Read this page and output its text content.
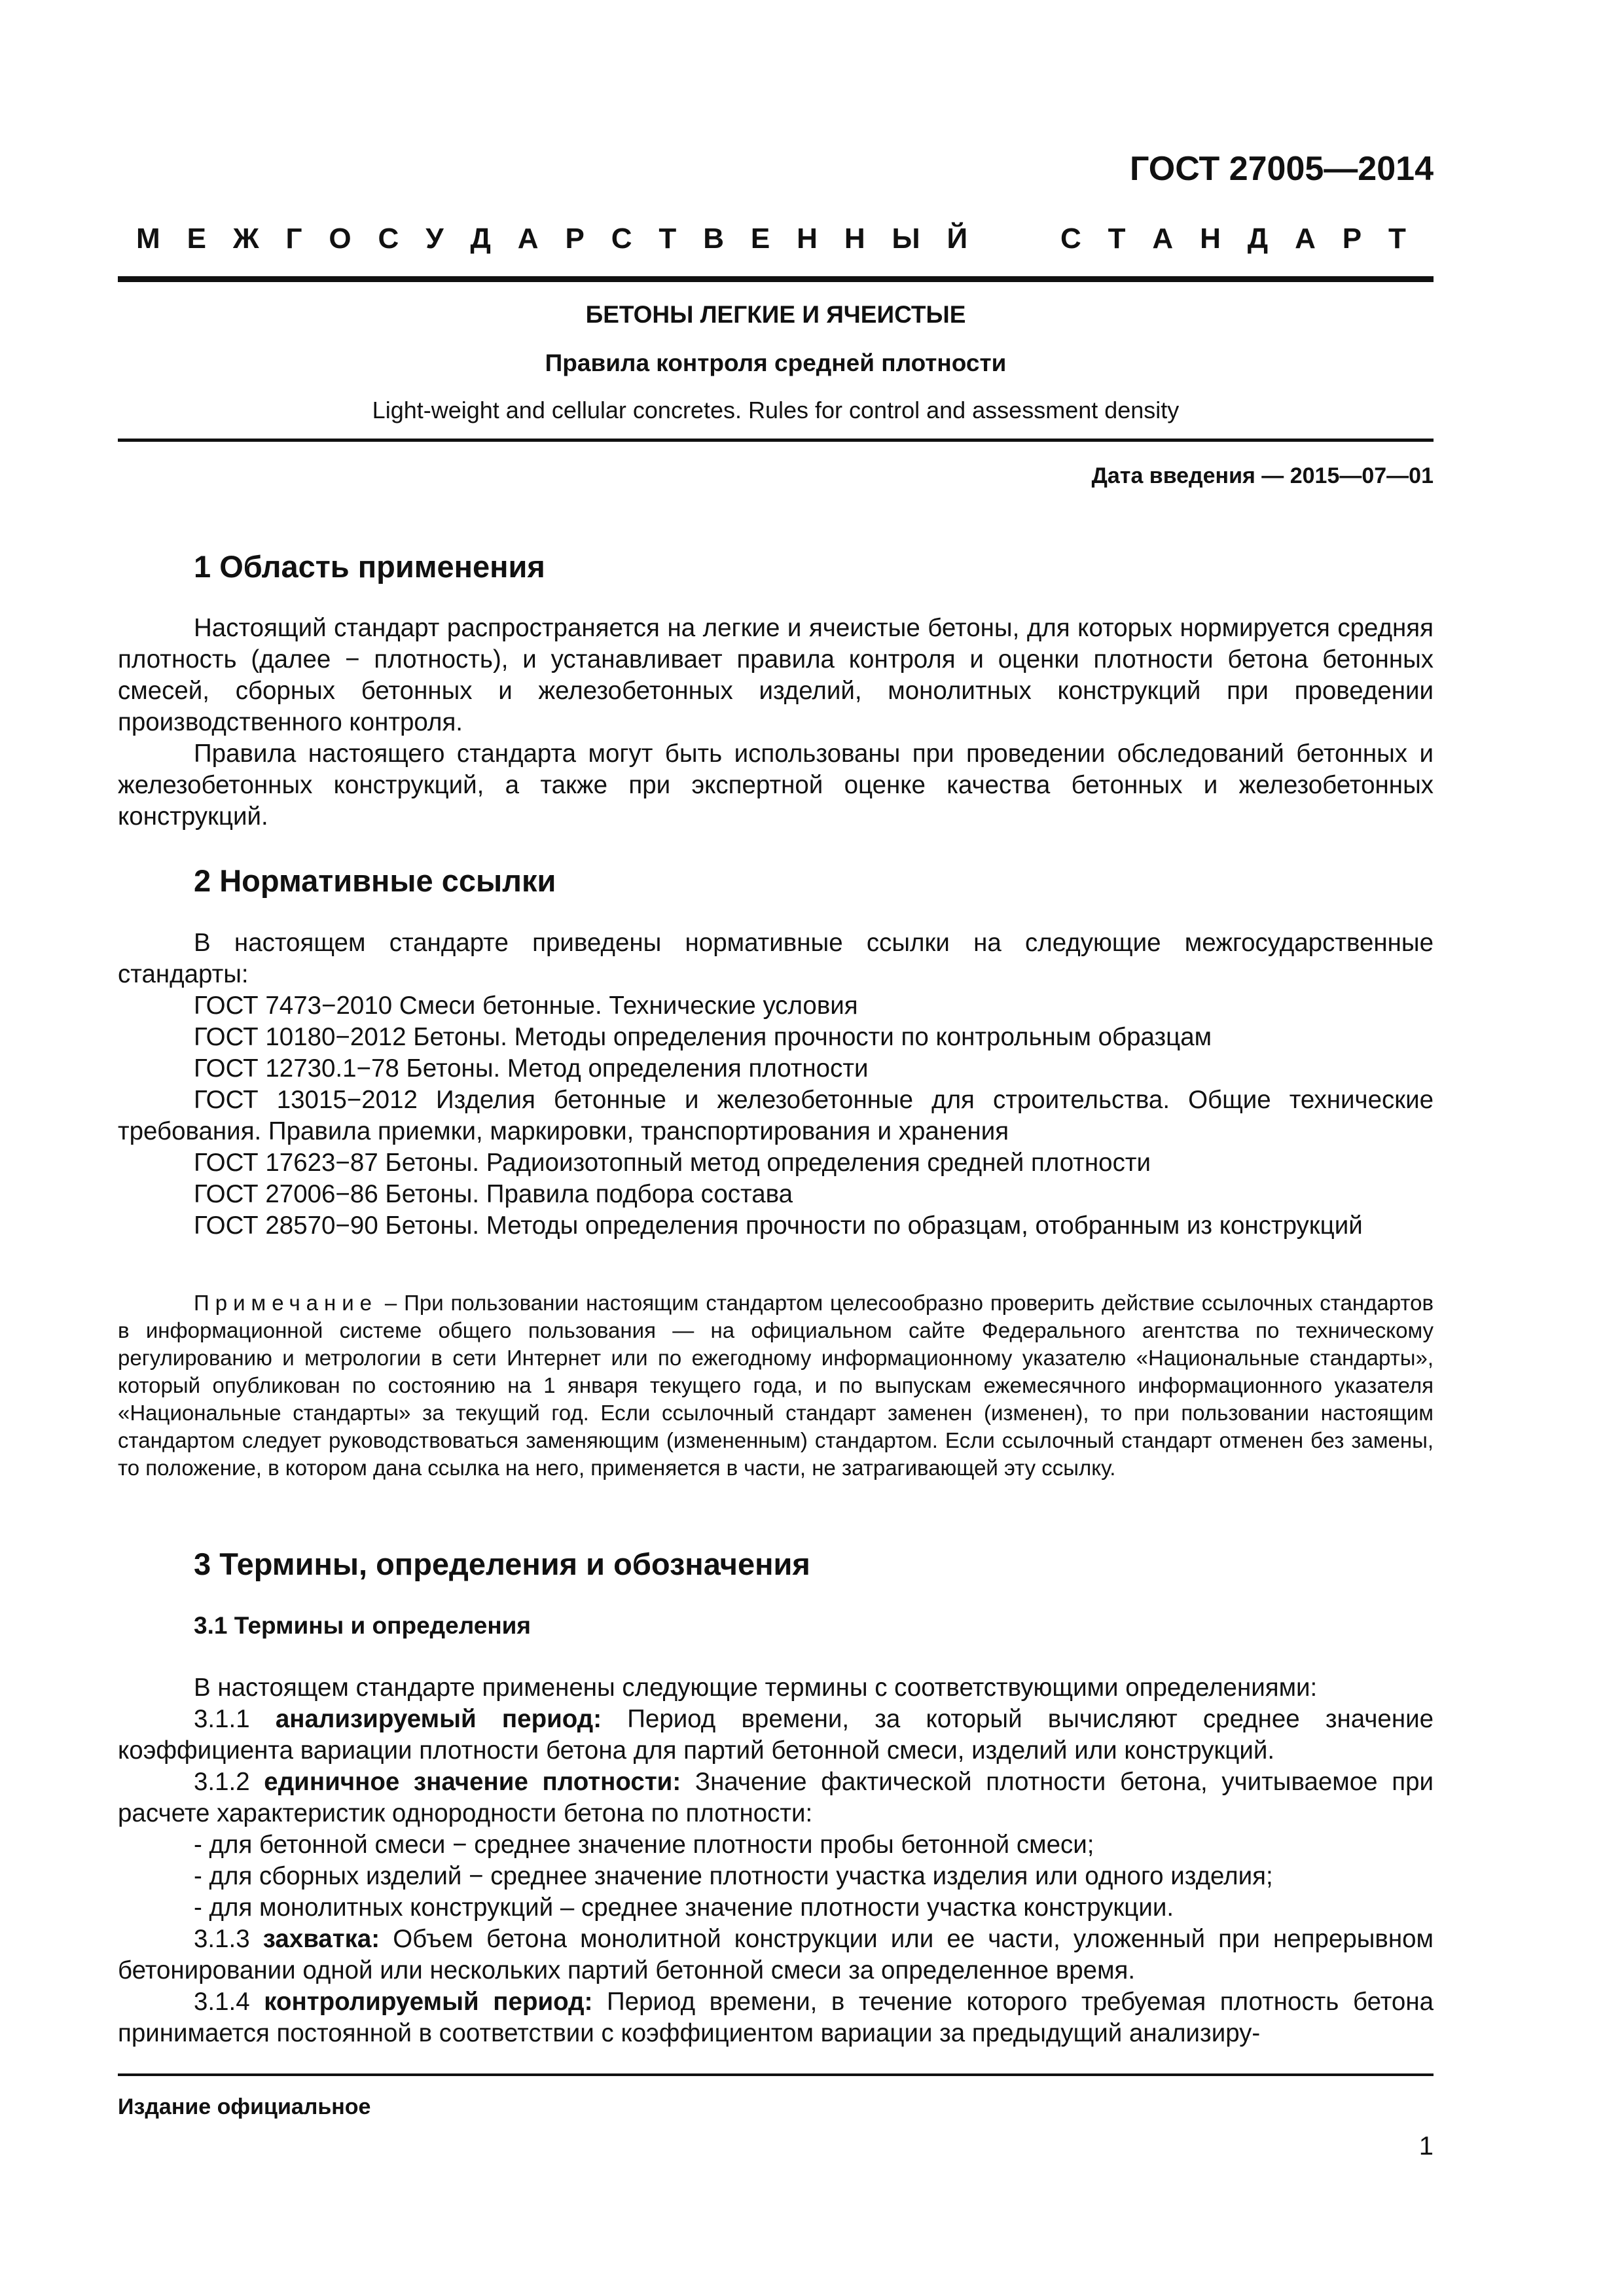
ГОСТ 27005—2014
М Е Ж Г О С У Д А Р С Т В Е Н Н Ы Й	С Т А Н Д А Р Т
БЕТОНЫ ЛЕГКИЕ И ЯЧЕИСТЫЕ
Правила контроля средней плотности
Light-weight and cellular concretes. Rules for control and assessment density
Дата введения — 2015—07—01
1 Область применения

Настоящий стандарт распространяется на легкие и ячеистые бетоны, для которых нормируется средняя плотность (далее − плотность), и устанавливает правила контроля и оценки плотности бетона бетонных смесей, сборных бетонных и железобетонных изделий, монолитных конструкций при проведении производственного контроля.

Правила настоящего стандарта могут быть использованы при проведении обследований бетонных и железобетонных конструкций, а также при экспертной оценке качества бетонных и железобетонных конструкций.

2 Нормативные ссылки

В настоящем стандарте приведены нормативные ссылки на следующие межгосударственные стандарты:

ГОСТ 7473−2010 Смеси бетонные. Технические условия

ГОСТ 10180−2012 Бетоны. Методы определения прочности по контрольным образцам

ГОСТ 12730.1−78 Бетоны. Метод определения плотности

ГОСТ 13015−2012 Изделия бетонные и железобетонные для строительства. Общие технические требования. Правила приемки, маркировки, транспортирования и хранения

ГОСТ 17623−87 Бетоны. Радиоизотопный метод определения средней плотности

ГОСТ 27006−86 Бетоны. Правила подбора состава

ГОСТ 28570−90 Бетоны. Методы определения прочности по образцам, отобранным из конструкций

Примечание – При пользовании настоящим стандартом целесообразно проверить действие ссылочных стандартов в информационной системе общего пользования — на официальном сайте Федерального агентства по техническому регулированию и метрологии в сети Интернет или по ежегодному информационному указателю «Национальные стандарты», который опубликован по состоянию на 1 января текущего года, и по выпускам ежемесячного информационного указателя «Национальные стандарты» за текущий год. Если ссылочный стандарт заменен (изменен), то при пользовании настоящим стандартом следует руководствоваться заменяющим (измененным) стандартом. Если ссылочный стандарт отменен без замены, то положение, в котором дана ссылка на него, применяется в части, не затрагивающей эту ссылку.
3 Термины, определения и обозначения
3.1 Термины и определения

В настоящем стандарте применены следующие термины с соответствующими определениями:

3.1.1 анализируемый период: Период времени, за который вычисляют среднее значение коэффициента вариации плотности бетона для партий бетонной смеси, изделий или конструкций.

3.1.2 единичное значение плотности: Значение фактической плотности бетона, учитываемое при расчете характеристик однородности бетона по плотности:

- для бетонной смеси − среднее значение плотности пробы бетонной смеси;

- для сборных изделий − среднее значение плотности участка изделия или одного изделия;

- для монолитных конструкций – среднее значение плотности участка конструкции.

3.1.3 захватка: Объем бетона монолитной конструкции или ее части, уложенный при непрерывном бетонировании одной или нескольких партий бетонной смеси за определенное время.

3.1.4 контролируемый период: Период времени, в течение которого требуемая плотность бетона принимается постоянной в соответствии с коэффициентом вариации за предыдущий анализиру-

Издание официальное
1
